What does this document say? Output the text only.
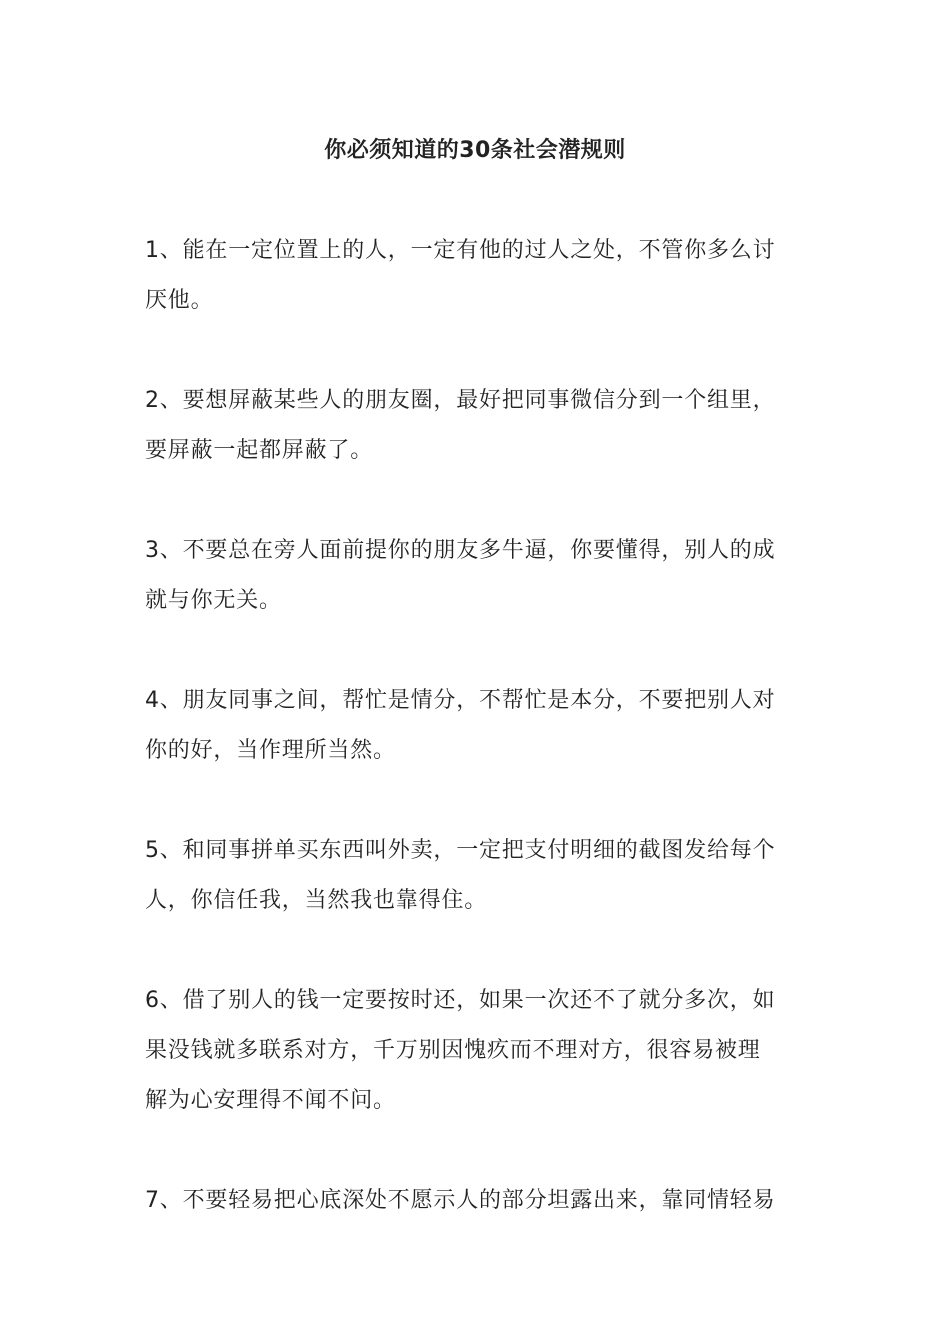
你必须知道的30条社会潜规则

1、能在一定位置上的人，一定有他的过人之处，不管你多么讨
厌他。

2、要想屏蔽某些人的朋友圈，最好把同事微信分到一个组里，
要屏蔽一起都屏蔽了。

3、不要总在旁人面前提你的朋友多牛逼，你要懂得，别人的成
就与你无关。

4、朋友同事之间，帮忙是情分，不帮忙是本分，不要把别人对
你的好，当作理所当然。

5、和同事拼单买东西叫外卖，一定把支付明细的截图发给每个
人，你信任我，当然我也靠得住。

6、借了别人的钱一定要按时还，如果一次还不了就分多次，如
果没钱就多联系对方，千万别因愧疚而不理对方，很容易被理
解为心安理得不闻不问。

7、不要轻易把心底深处不愿示人的部分坦露出来，靠同情轻易
